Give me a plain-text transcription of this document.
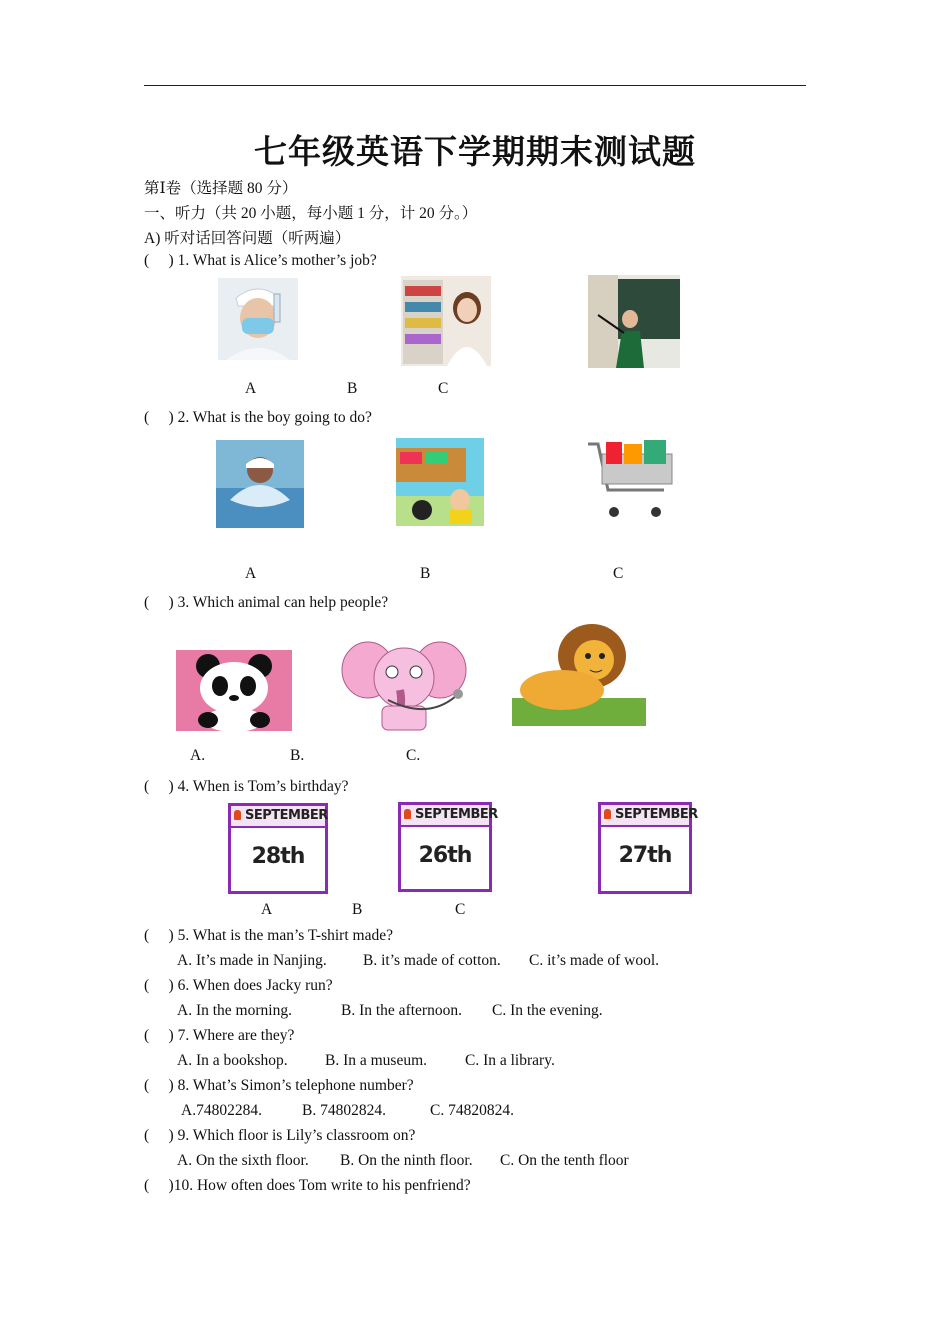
七年级英语下学期期末测试题
第Ⅰ卷（选择题 80 分）
一、听力（共 20 小题，每小题 1 分，计 20 分。）
A) 听对话回答问题（听两遍）
(     ) 1. What is Alice’s mother’s job?
A	B	C
(     ) 2. What is the boy going to do?
A	B	C
(     ) 3. Which animal can help people?
A.	B.	C.
(     ) 4. When is Tom’s birthday?
SEPTEMBER
28th
SEPTEMBER
26th
SEPTEMBER
27th
A	B	C
(     ) 5. What is the man’s T-shirt made?
A. It’s made in Nanjing. B. it’s made of cotton. C. it’s made of wool.
(     ) 6. When does Jacky run?
A. In the morning.	B. In the afternoon. C. In the evening.
(     ) 7. Where are they?
A. In a bookshop. B. In a museum. C. In a library.
(     ) 8. What’s Simon’s telephone number?
A.74802284.	B. 74802824.	C. 74820824.
(     ) 9. Which floor is Lily’s classroom on?
A. On the sixth floor. B. On the ninth floor. C. On the tenth floor
(     )10. How often does Tom write to his penfriend?
